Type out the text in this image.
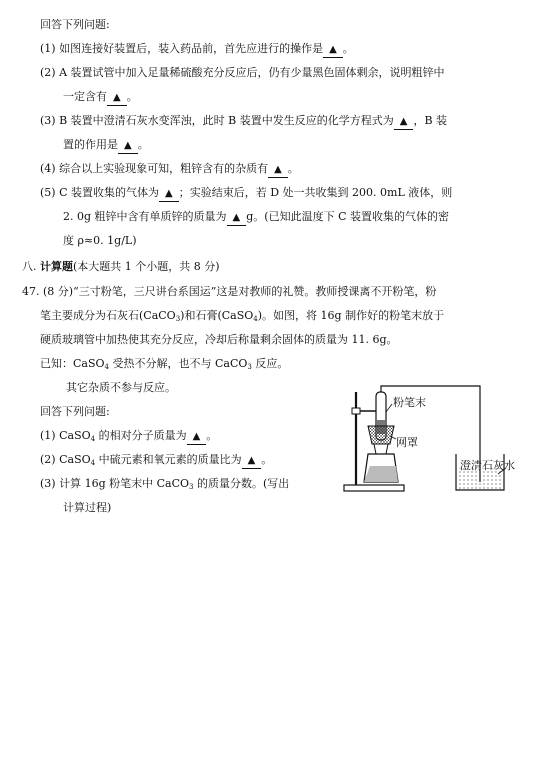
回答下列问题:
(1) 如图连接好装置后，装入药品前，首先应进行的操作是 ▲ 。
(2) A 装置试管中加入足量稀硫酸充分反应后，仍有少量黑色固体剩余，说明粗锌中
一定含有 ▲ 。
(3) B 装置中澄清石灰水变浑浊，此时 B 装置中发生反应的化学方程式为 ▲ ，B 装
置的作用是 ▲ 。
(4) 综合以上实验现象可知，粗锌含有的杂质有 ▲ 。
(5) C 装置收集的气体为 ▲ ；实验结束后，若 D 处一共收集到 200. 0mL 液体，则
2. 0g 粗锌中含有单质锌的质量为 ▲ g。(已知此温度下 C 装置收集的气体的密
度 ρ≈0. 1g/L)
八. 计算题(本大题共 1 个小题，共 8 分)
47. (8 分)“三寸粉笔，三尺讲台系国运”这是对教师的礼赞。教师授课离不开粉笔，粉
笔主要成分为石灰石(CaCO$_3$)和石膏(CaSO$_4$)。如图，将 16g 制作好的粉笔末放于
硬质玻璃管中加热使其充分反应，冷却后称量剩余固体的质量为 11. 6g。
已知：CaSO$_4$ 受热不分解，也不与 CaCO$_3$ 反应。
其它杂质不参与反应。
回答下列问题:
(1) CaSO$_4$ 的相对分子质量为 ▲ 。
(2) CaSO$_4$ 中硫元素和氧元素的质量比为 ▲ 。
(3) 计算 16g 粉笔末中 CaCO$_3$ 的质量分数。(写出
计算过程)
粉笔末
网罩
澄清石灰水
